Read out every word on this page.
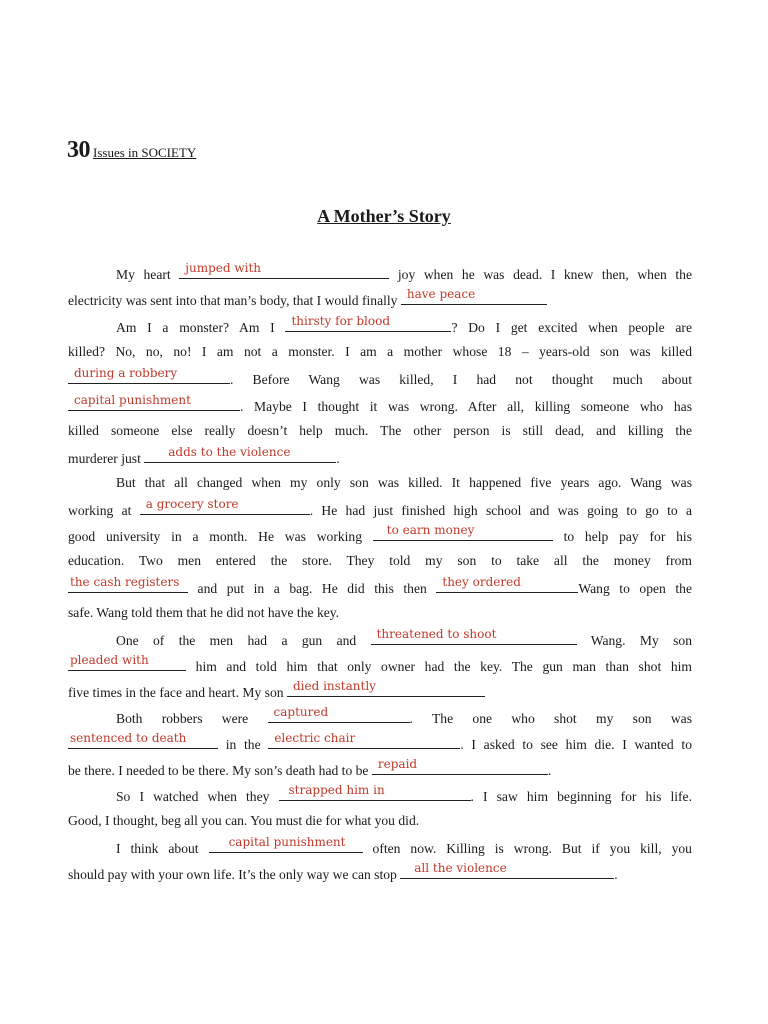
30 Issues in SOCIETY
A Mother’s Story
My heart jumped with	joy when he was dead. I knew then, when the
electricity was sent into that man’s body, that I would finally have peace
Am I a monster? Am I thirsty for blood	? Do I get excited when people are
killed? No, no, no! I am not a monster. I am a mother whose 18 – years-old son was killed
during a robbery	. Before Wang was killed, I had not thought much about
capital punishment	. Maybe I thought it was wrong. After all, killing someone who has
killed someone else really doesn’t help much. The other person is still dead, and killing the
murderer just adds to the violence	.
But that all changed when my only son was killed. It happened five years ago. Wang was
working at a grocery store	. He had just finished high school and was going to go to a
good university in a month. He was working to earn money	to help pay for his
education. Two men entered the store. They told my son to take all the money from
the cash registers and put in a bag. He did this then they ordered	Wang to open the
safe. Wang told them that he did not have the key.
One of the men had a gun and threatened to shoot	Wang. My son
pleaded with	him and told him that only owner had the key. The gun man than shot him
five times in the face and heart. My son died instantly
Both robbers were captured	. The one who shot my son was
sentenced to death	in the electric chair	. I asked to see him die. I wanted to
be there. I needed to be there. My son’s death had to be repaid	.
So I watched when they strapped him in	. I saw him beginning for his life.
Good, I thought, beg all you can. You must die for what you did.
I think about capital punishment often now. Killing is wrong. But if you kill, you
should pay with your own life. It’s the only way we can stop all the violence	.
